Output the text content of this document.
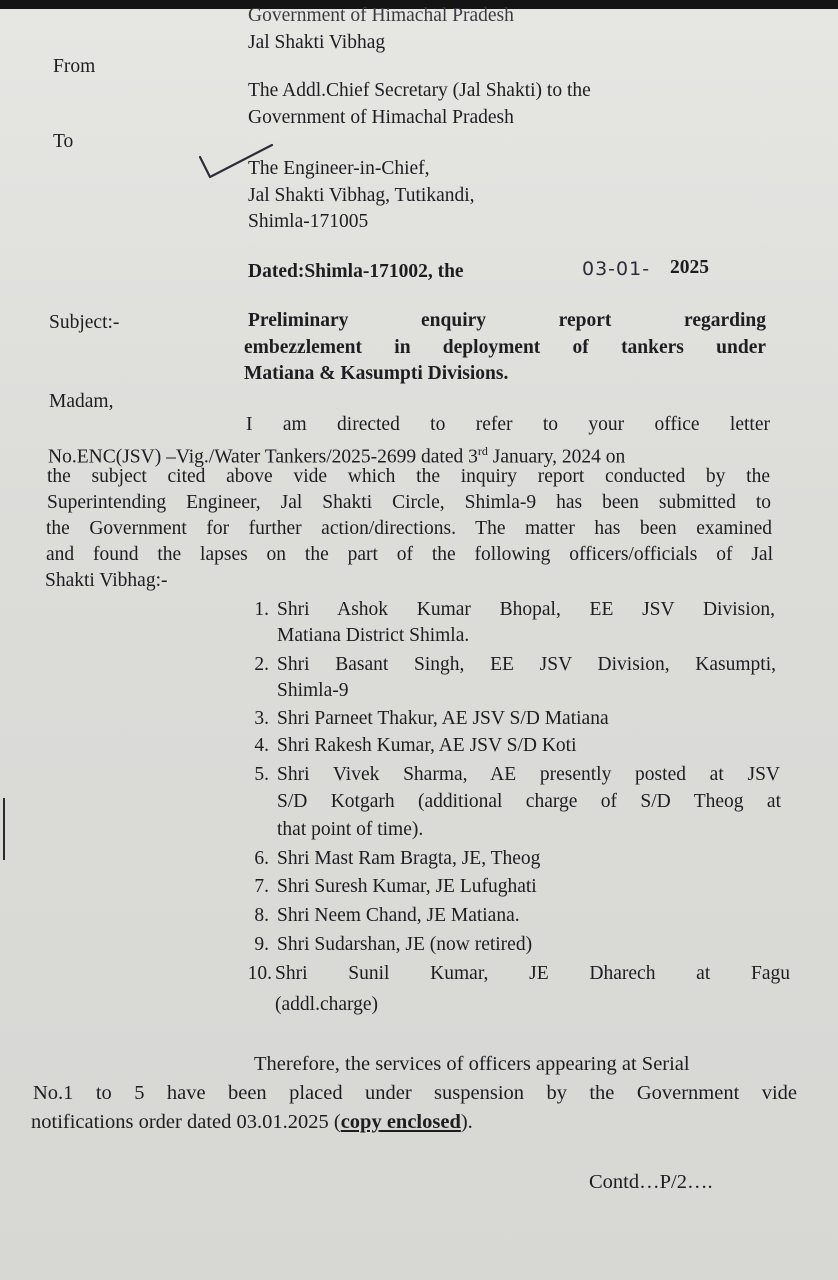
Government of Himachal Pradesh
Jal Shakti Vibhag
From
The Addl.Chief Secretary (Jal Shakti) to the
Government of Himachal Pradesh
To
The Engineer-in-Chief,
Jal Shakti Vibhag, Tutikandi,
Shimla-171005
Dated:Shimla-171002, the	03-01- 2025
Subject:-	Preliminary enquiry report regarding
embezzlement in deployment of tankers under
Matiana & Kasumpti Divisions.
Madam,
I am directed to refer to your office letter
No.ENC(JSV) –Vig./Water Tankers/2025-2699 dated 3rd January, 2024 on
the subject cited above vide which the inquiry report conducted by the
Superintending Engineer, Jal Shakti Circle, Shimla-9 has been submitted to
the Government for further action/directions. The matter has been examined
and found the lapses on the part of the following officers/officials of Jal
Shakti Vibhag:-
1. Shri Ashok Kumar Bhopal, EE JSV Division,
Matiana District Shimla.
2. Shri Basant Singh, EE JSV Division, Kasumpti,
Shimla-9
3. Shri Parneet Thakur, AE JSV S/D Matiana
4. Shri Rakesh Kumar, AE JSV S/D Koti
5. Shri Vivek Sharma, AE presently posted at JSV
S/D Kotgarh (additional charge of S/D Theog at
that point of time).
6. Shri Mast Ram Bragta, JE, Theog
7. Shri Suresh Kumar, JE Lufughati
8. Shri Neem Chand, JE Matiana.
9. Shri Sudarshan, JE (now retired)
10. Shri Sunil Kumar, JE Dharech at Fagu
(addl.charge)
Therefore, the services of officers appearing at Serial
No.1 to 5 have been placed under suspension by the Government vide
notifications order dated 03.01.2025 (copy enclosed).
Contd…P/2….
